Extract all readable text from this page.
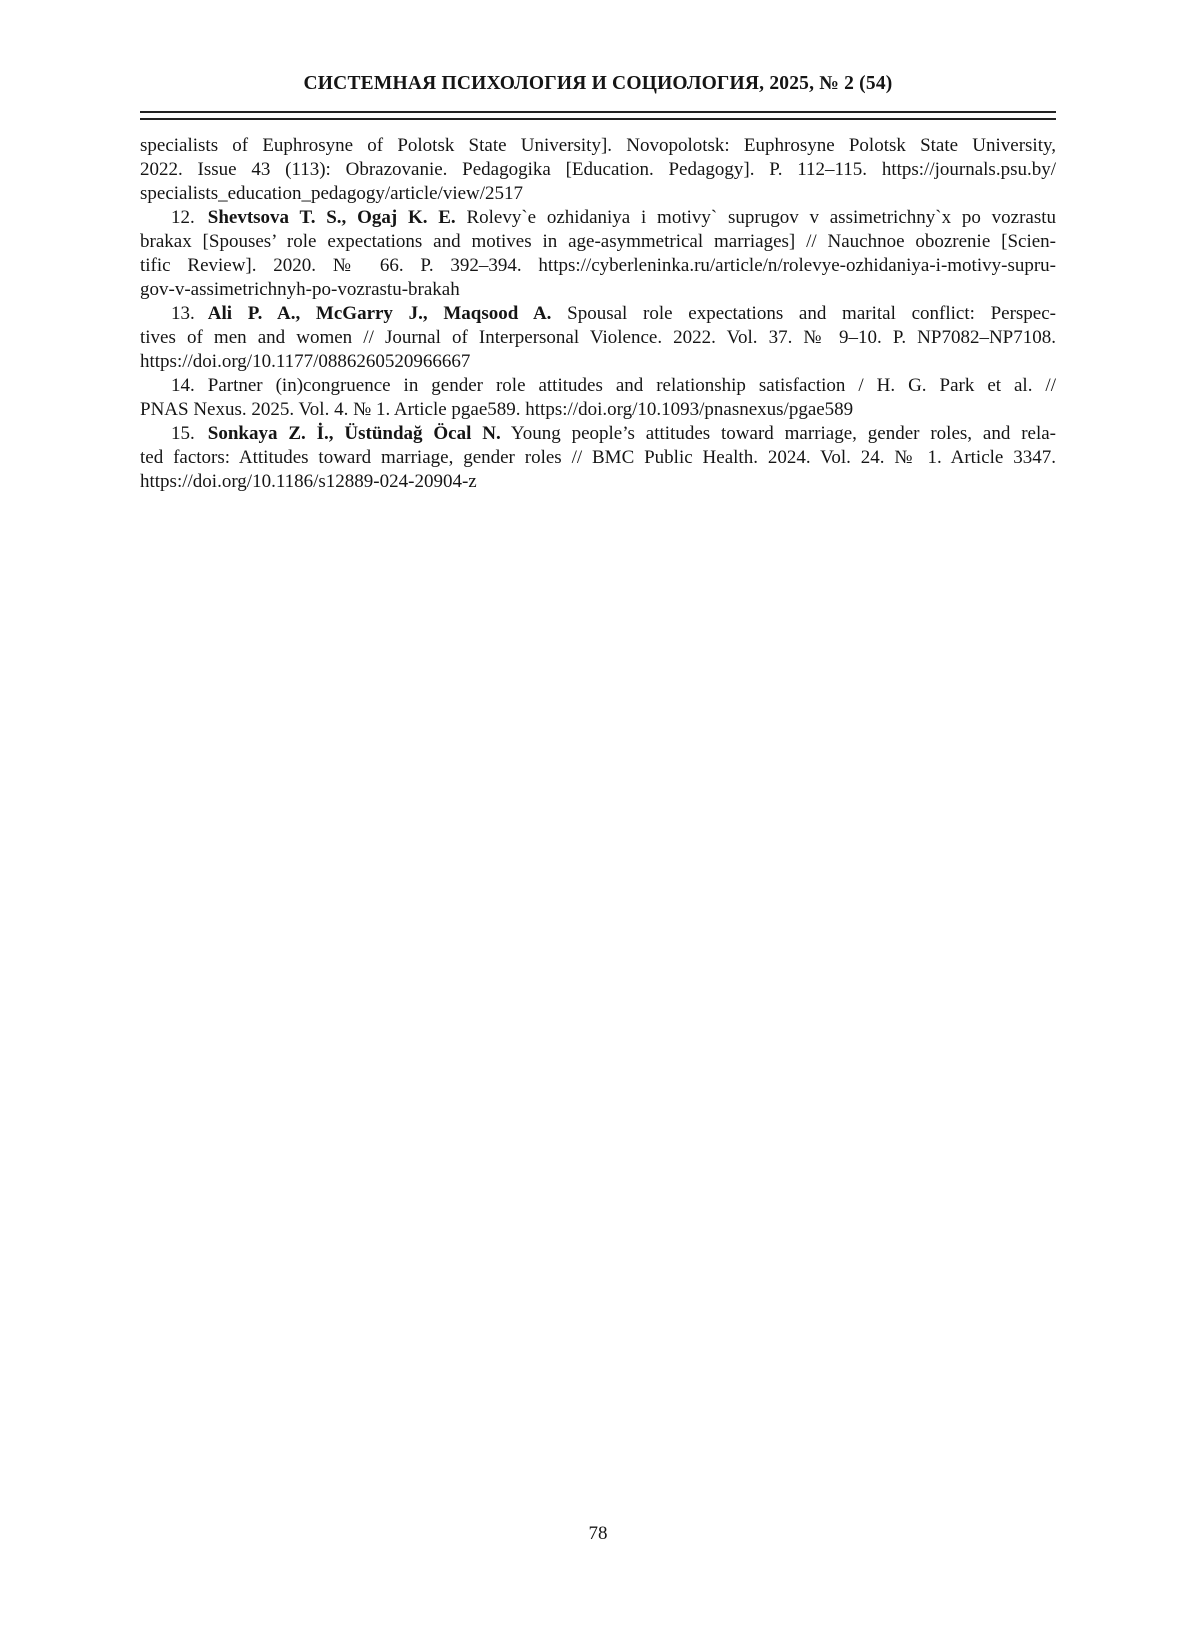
СИСТЕМНАЯ ПСИХОЛОГИЯ И СОЦИОЛОГИЯ, 2025, № 2 (54)
specialists of Euphrosyne of Polotsk State University]. Novopolotsk: Euphrosyne Polotsk State University,
2022. Issue 43 (113): Obrazovanie. Pedagogika [Education. Pedagogy]. P. 112–115. https://journals.psu.by/
specialists_education_pedagogy/article/view/2517
12. Shevtsova T. S., Ogaj K. E. Rolevy`e ozhidaniya i motivy` suprugov v assimetrichny`x po vozrastu
brakax [Spouses’ role expectations and motives in age-asymmetrical marriages] // Nauchnoe obozrenie [Scien-
tific Review]. 2020. № 66. P. 392–394. https://cyberleninka.ru/article/n/rolevye-ozhidaniya-i-motivy-supru-
gov-v-assimetrichnyh-po-vozrastu-brakah
13. Ali P. A., McGarry J., Maqsood A. Spousal role expectations and marital conflict: Perspec-
tives of men and women // Journal of Interpersonal Violence. 2022. Vol. 37. № 9–10. P. NP7082–NP7108.
https://doi.org/10.1177/0886260520966667
14. Partner (in)congruence in gender role attitudes and relationship satisfaction / H. G. Park et al. //
PNAS Nexus. 2025. Vol. 4. № 1. Article pgae589. https://doi.org/10.1093/pnasnexus/pgae589
15. Sonkaya Z. İ., Üstündağ Öcal N. Young people’s attitudes toward marriage, gender roles, and rela-
ted factors: Attitudes toward marriage, gender roles // BMC Public Health. 2024. Vol. 24. № 1. Article 3347.
https://doi.org/10.1186/s12889-024-20904-z
78
